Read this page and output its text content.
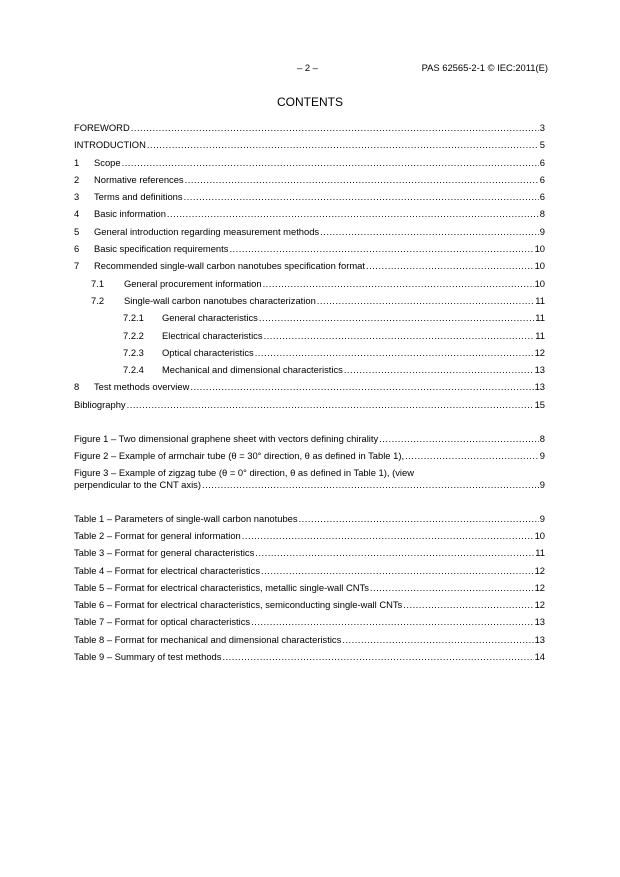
– 2 –	PAS 62565-2-1 © IEC:2011(E)
CONTENTS
FOREWORD .....	3
INTRODUCTION .....	5
1	Scope .....	6
2	Normative references .....	6
3	Terms and definitions .....	6
4	Basic information .....	8
5	General introduction regarding measurement methods .....	9
6	Basic specification requirements .....	10
7	Recommended single-wall carbon nanotubes specification format .....	10
7.1	General procurement information .....	10
7.2	Single-wall carbon nanotubes characterization .....	11
7.2.1	General characteristics .....	11
7.2.2	Electrical characteristics .....	11
7.2.3	Optical characteristics .....	12
7.2.4	Mechanical and dimensional characteristics .....	13
8	Test methods overview .....	13
Bibliography .....	15
Figure 1 – Two dimensional graphene sheet with vectors defining chirality .....	8
Figure 2 – Example of armchair tube (θ = 30° direction, θ as defined in Table 1), .....	9
Figure 3 – Example of zigzag tube (θ = 0° direction, θ as defined in Table 1), (view
perpendicular to the CNT axis) .....	9
Table 1 – Parameters of single-wall carbon nanotubes .....	9
Table 2 – Format for general information .....	10
Table 3 – Format for general characteristics .....	11
Table 4 – Format for electrical characteristics .....	12
Table 5 – Format for electrical characteristics, metallic single-wall CNTs .....	12
Table 6 – Format for electrical characteristics, semiconducting single-wall CNTs .....	12
Table 7 – Format for optical characteristics .....	13
Table 8 – Format for mechanical and dimensional characteristics .....	13
Table 9 – Summary of test methods .....	14
